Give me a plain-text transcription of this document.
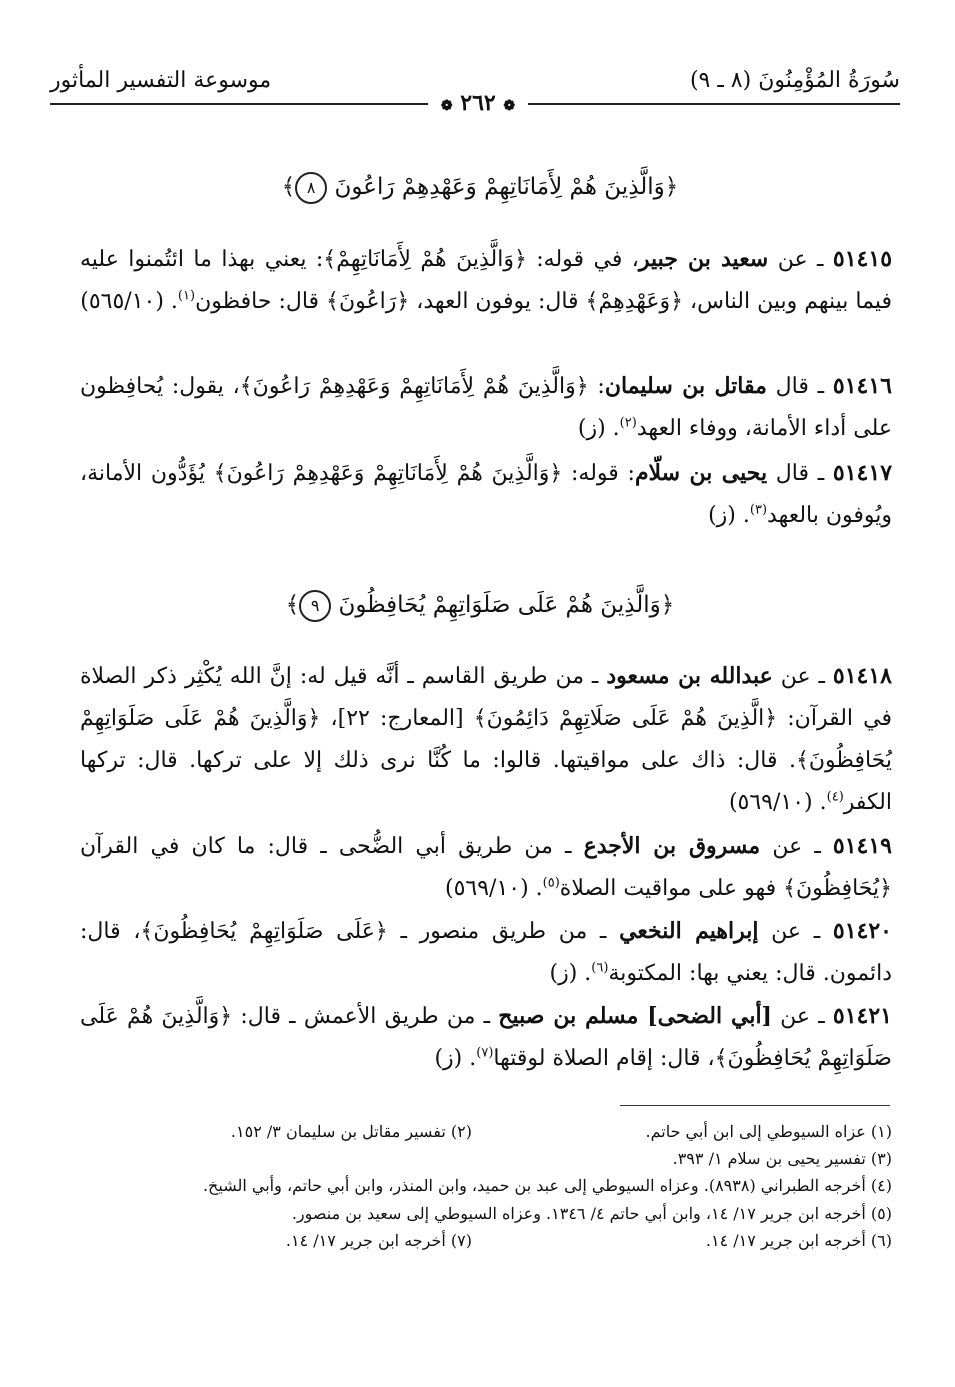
سُورَةُ المُؤْمِنُونَ (٨ ـ ٩)
موسوعة التفسير المأثور
❁ ٢٦٢ ❁
﴿وَالَّذِينَ هُمْ لِأَمَانَاتِهِمْ وَعَهْدِهِمْ رَاعُونَ ٨﴾
٥١٤١٥ ـ عن سعيد بن جبير، في قوله: ﴿وَالَّذِينَ هُمْ لِأَمَانَاتِهِمْ﴾: يعني بهذا ما ائتُمنوا عليه فيما بينهم وبين الناس، ﴿وَعَهْدِهِمْ﴾ قال: يوفون العهد، ﴿رَاعُونَ﴾ قال: حافظون$^{(١)}$. (٥٦٥/١٠)
٥١٤١٦ ـ قال مقاتل بن سليمان: ﴿وَالَّذِينَ هُمْ لِأَمَانَاتِهِمْ وَعَهْدِهِمْ رَاعُونَ﴾، يقول: يُحافِظون على أداء الأمانة، ووفاء العهد$^{(٢)}$. (ز)
٥١٤١٧ ـ قال يحيى بن سلّام: قوله: ﴿وَالَّذِينَ هُمْ لِأَمَانَاتِهِمْ وَعَهْدِهِمْ رَاعُونَ﴾ يُؤَدُّون الأمانة، ويُوفون بالعهد$^{(٣)}$. (ز)
﴿وَالَّذِينَ هُمْ عَلَى صَلَوَاتِهِمْ يُحَافِظُونَ ٩﴾
٥١٤١٨ ـ عن عبدالله بن مسعود ـ من طريق القاسم ـ أنَّه قيل له: إنَّ الله يُكْثِر ذكر الصلاة في القرآن: ﴿الَّذِينَ هُمْ عَلَى صَلَاتِهِمْ دَائِمُونَ﴾ [المعارج: ٢٢]، ﴿وَالَّذِينَ هُمْ عَلَى صَلَوَاتِهِمْ يُحَافِظُونَ﴾. قال: ذاك على مواقيتها. قالوا: ما كُنَّا نرى ذلك إلا على تركها. قال: تركها الكفر$^{(٤)}$. (٥٦٩/١٠)
٥١٤١٩ ـ عن مسروق بن الأجدع ـ من طريق أبي الضُّحى ـ قال: ما كان في القرآن ﴿يُحَافِظُونَ﴾ فهو على مواقيت الصلاة$^{(٥)}$. (٥٦٩/١٠)
٥١٤٢٠ ـ عن إبراهيم النخعي ـ من طريق منصور ـ ﴿عَلَى صَلَوَاتِهِمْ يُحَافِظُونَ﴾، قال: دائمون. قال: يعني بها: المكتوبة$^{(٦)}$. (ز)
٥١٤٢١ ـ عن [أبي الضحى] مسلم بن صبيح ـ من طريق الأعمش ـ قال: ﴿وَالَّذِينَ هُمْ عَلَى صَلَوَاتِهِمْ يُحَافِظُونَ﴾، قال: إقام الصلاة لوقتها$^{(٧)}$. (ز)
(١) عزاه السيوطي إلى ابن أبي حاتم.
(٢) تفسير مقاتل بن سليمان ٣/ ١٥٢.
(٣) تفسير يحيى بن سلام ١/ ٣٩٣.
(٤) أخرجه الطبراني (٨٩٣٨). وعزاه السيوطي إلى عبد بن حميد، وابن المنذر، وابن أبي حاتم، وأبي الشيخ.
(٥) أخرجه ابن جرير ١٧/ ١٤، وابن أبي حاتم ٤/ ١٣٤٦. وعزاه السيوطي إلى سعيد بن منصور.
(٦) أخرجه ابن جرير ١٧/ ١٤.
(٧) أخرجه ابن جرير ١٧/ ١٤.
